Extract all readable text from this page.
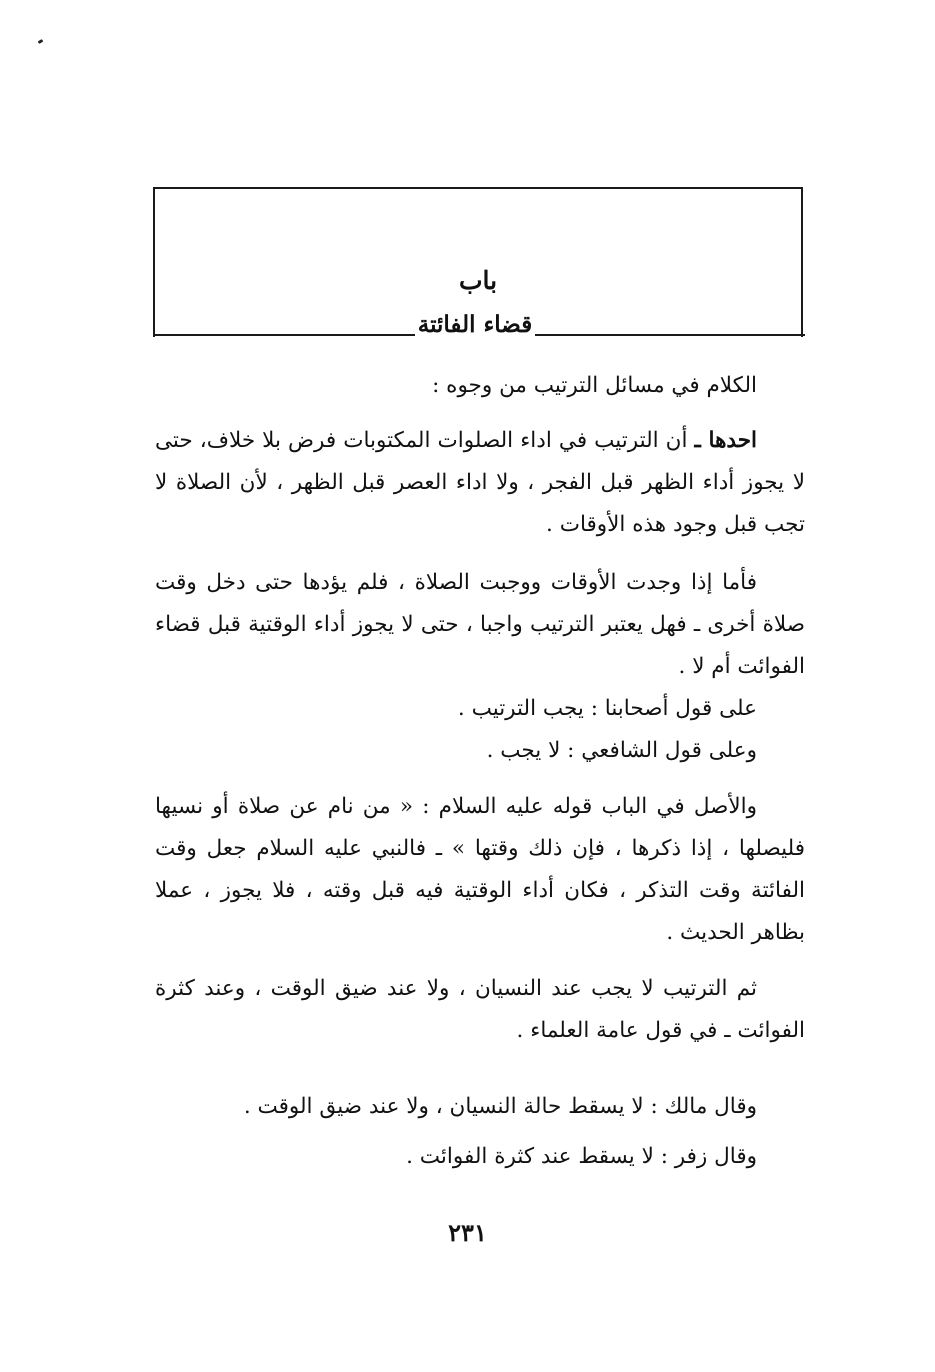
باب
قضاء الفائتة

الكلام في مسائل الترتيب من وجوه :

احدها ـ أن الترتيب في اداء الصلوات المكتوبات فرض بلا خلاف، حتى لا يجوز أداء الظهر قبل الفجر ، ولا اداء العصر قبل الظهر ، لأن الصلاة لا تجب قبل وجود هذه الأوقات .

فأما إذا وجدت الأوقات ووجبت الصلاة ، فلم يؤدها حتى دخل وقت صلاة أخرى ـ فهل يعتبر الترتيب واجبا ، حتى لا يجوز أداء الوقتية قبل قضاء الفوائت أم لا .

على قول أصحابنا : يجب الترتيب .

وعلى قول الشافعي : لا يجب .

والأصل في الباب قوله عليه السلام : « من نام عن صلاة أو نسيها فليصلها ، إذا ذكرها ، فإن ذلك وقتها » ـ فالنبي عليه السلام جعل وقت الفائتة وقت التذكر ، فكان أداء الوقتية فيه قبل وقته ، فلا يجوز ، عملا بظاهر الحديث .

ثم الترتيب لا يجب عند النسيان ، ولا عند ضيق الوقت ، وعند كثرة الفوائت ـ في قول عامة العلماء .

وقال مالك : لا يسقط حالة النسيان ، ولا عند ضيق الوقت .

وقال زفر : لا يسقط عند كثرة الفوائت .

٢٣١
